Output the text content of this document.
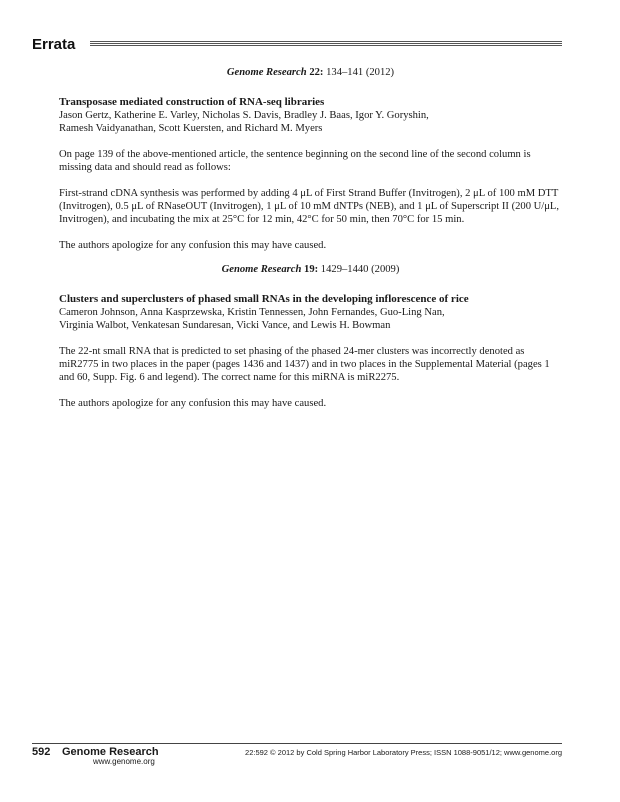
Errata

Genome Research 22: 134–141 (2012)

Transposase mediated construction of RNA-seq libraries

Jason Gertz, Katherine E. Varley, Nicholas S. Davis, Bradley J. Baas, Igor Y. Goryshin,

Ramesh Vaidyanathan, Scott Kuersten, and Richard M. Myers

On page 139 of the above-mentioned article, the sentence beginning on the second line of the second column is missing data and should read as follows:

First-strand cDNA synthesis was performed by adding 4 μL of First Strand Buffer (Invitrogen), 2 μL of 100 mM DTT (Invitrogen), 0.5 μL of RNaseOUT (Invitrogen), 1 μL of 10 mM dNTPs (NEB), and 1 μL of Superscript II (200 U/μL, Invitrogen), and incubating the mix at 25°C for 12 min, 42°C for 50 min, then 70°C for 15 min.

The authors apologize for any confusion this may have caused.

Genome Research 19: 1429–1440 (2009)

Clusters and superclusters of phased small RNAs in the developing inflorescence of rice

Cameron Johnson, Anna Kasprzewska, Kristin Tennessen, John Fernandes, Guo-Ling Nan,

Virginia Walbot, Venkatesan Sundaresan, Vicki Vance, and Lewis H. Bowman

The 22-nt small RNA that is predicted to set phasing of the phased 24-mer clusters was incorrectly denoted as miR2775 in two places in the paper (pages 1436 and 1437) and in two places in the Supplemental Material (pages 1 and 60, Supp. Fig. 6 and legend). The correct name for this miRNA is miR2275.

The authors apologize for any confusion this may have caused.

592 Genome Research
www.genome.org
22:592 © 2012 by Cold Spring Harbor Laboratory Press; ISSN 1088-9051/12; www.genome.org
